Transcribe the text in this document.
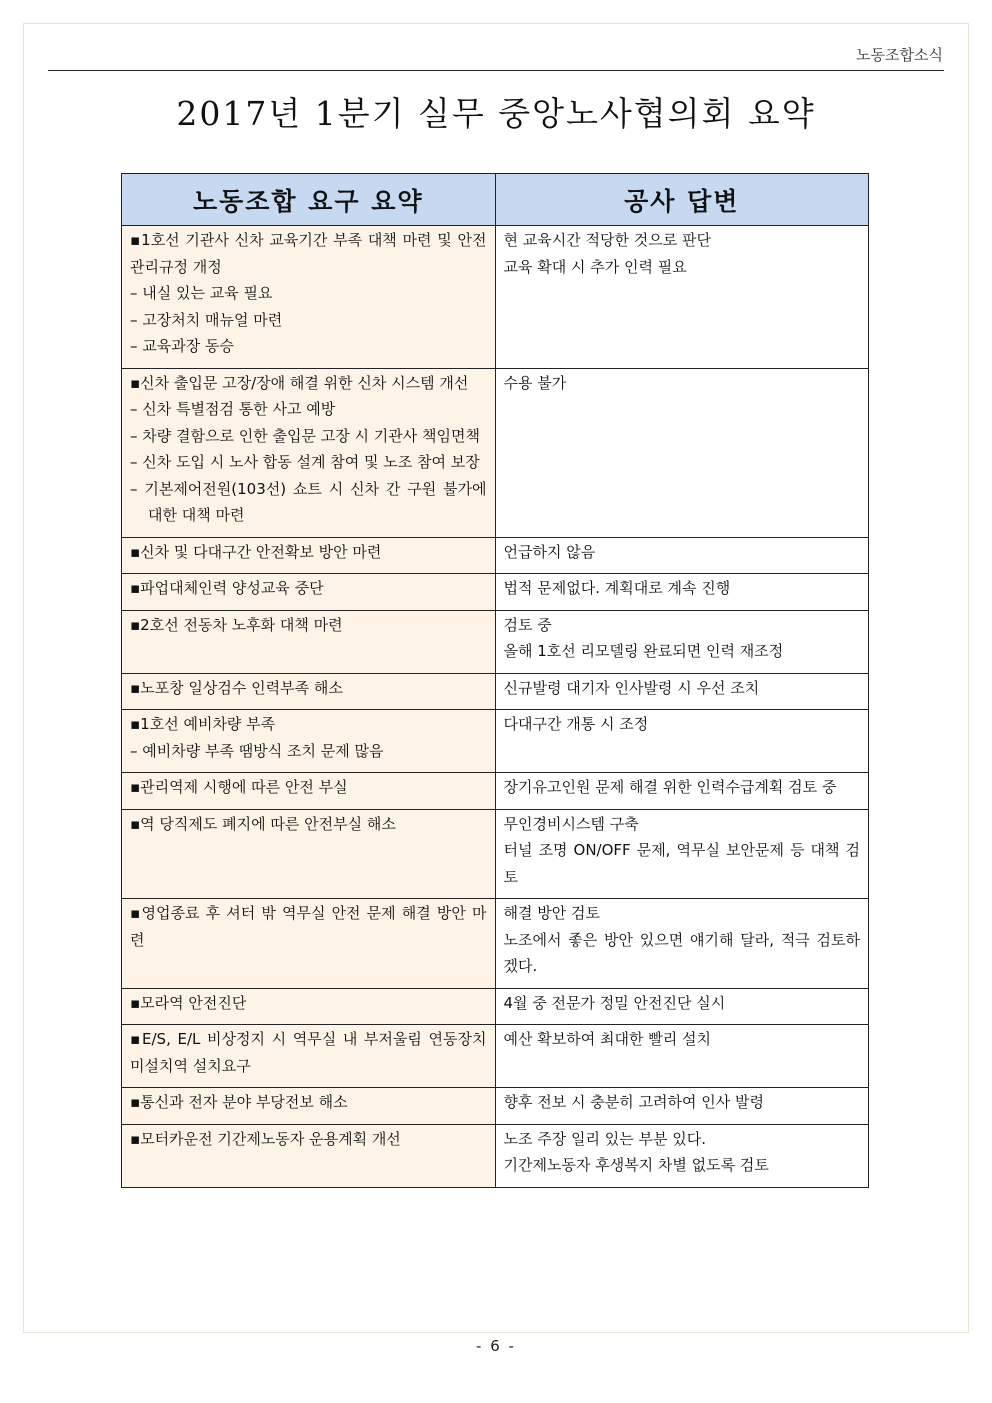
노동조합소식
2017년 1분기 실무 중앙노사협의회 요약
노동조합 요구 요약	공사 답변

▪1호선 기관사 신차 교육기간 부족 대책 마련 및 안전관리규정 개정
– 내실 있는 교육 필요
– 고장처치 매뉴얼 마련
– 교육과장 동승	현 교육시간 적당한 것으로 판단
교육 확대 시 추가 인력 필요

▪신차 출입문 고장/장애 해결 위한 신차 시스템 개선
– 신차 특별점검 통한 사고 예방
– 차량 결함으로 인한 출입문 고장 시 기관사 책임면책
– 신차 도입 시 노사 합동 설계 참여 및 노조 참여 보장
– 기본제어전원(103선) 쇼트 시 신차 간 구원 불가에 대한 대책 마련	수용 불가

▪신차 및 다대구간 안전확보 방안 마련	언급하지 않음

▪파업대체인력 양성교육 중단	법적 문제없다. 계획대로 계속 진행

▪2호선 전동차 노후화 대책 마련	검토 중
올해 1호선 리모델링 완료되면 인력 재조정

▪노포창 일상검수 인력부족 해소	신규발령 대기자 인사발령 시 우선 조치

▪1호선 예비차량 부족
– 예비차량 부족 땜방식 조치 문제 많음	다대구간 개통 시 조정

▪관리역제 시행에 따른 안전 부실	장기유고인원 문제 해결 위한 인력수급계획 검토 중

▪역 당직제도 폐지에 따른 안전부실 해소	무인경비시스템 구축
터널 조명 ON/OFF 문제, 역무실 보안문제 등 대책 검토

▪영업종료 후 셔터 밖 역무실 안전 문제 해결 방안 마련	해결 방안 검토
노조에서 좋은 방안 있으면 얘기해 달라, 적극 검토하겠다.

▪모라역 안전진단	4월 중 전문가 정밀 안전진단 실시

▪E/S, E/L 비상정지 시 역무실 내 부저울림 연동장치 미설치역 설치요구	예산 확보하여 최대한 빨리 설치

▪통신과 전자 분야 부당전보 해소	향후 전보 시 충분히 고려하여 인사 발령

▪모터카운전 기간제노동자 운용계획 개선	노조 주장 일리 있는 부분 있다.
기간제노동자 후생복지 차별 없도록 검토
- 6 -
